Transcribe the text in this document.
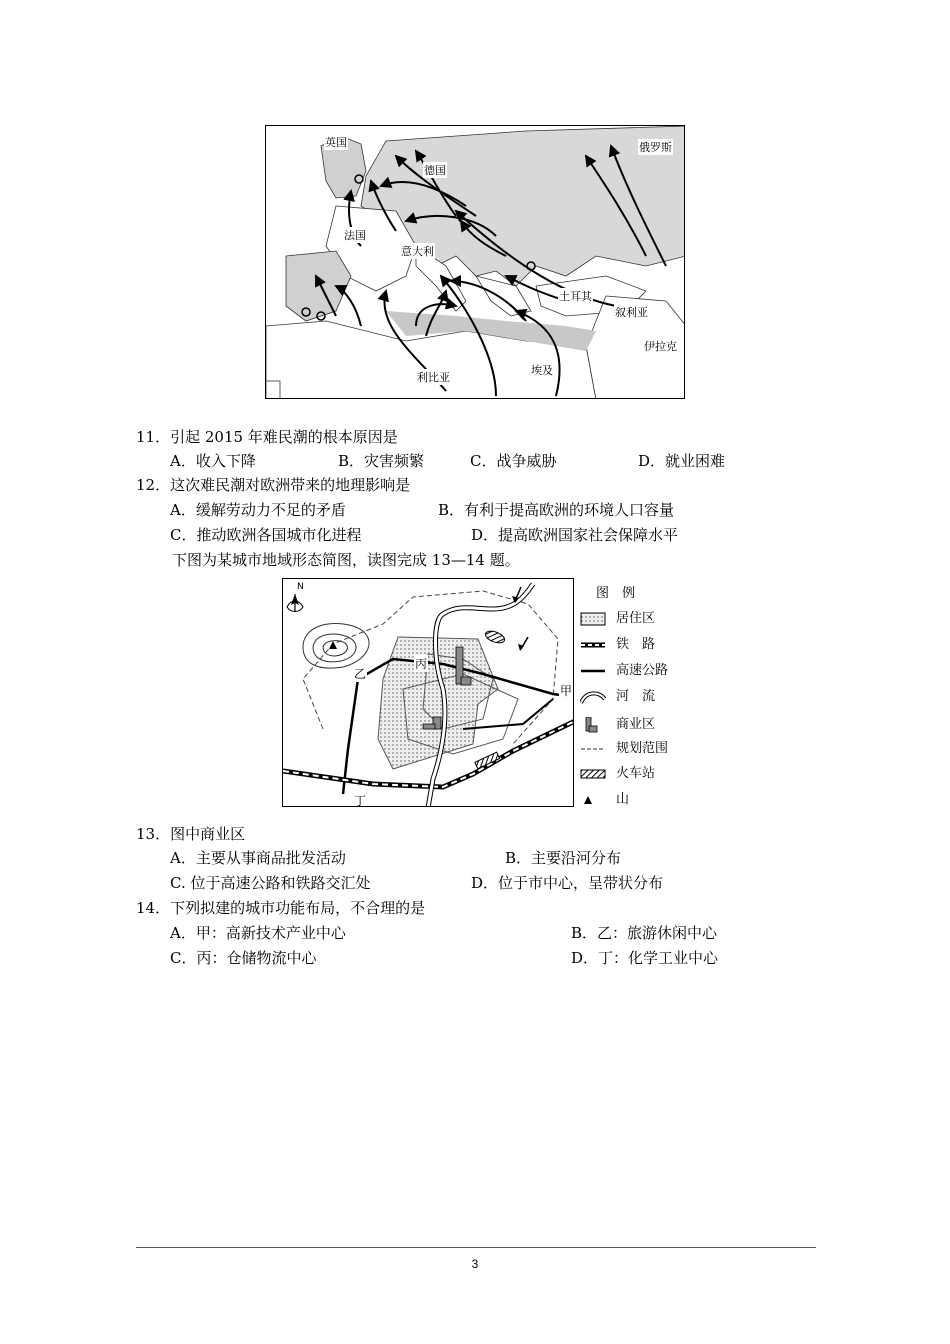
英国
德国
俄罗斯
法国
意大利
土耳其
叙利亚
伊拉克
利比亚
埃及
11．引起 2015 年难民潮的根本原因是
A．收入下降	B．灾害频繁	C．战争威胁	D．就业困难
12．这次难民潮对欧洲带来的地理影响是
A．缓解劳动力不足的矛盾	B．有利于提高欧洲的环境人口容量
C．推动欧洲各国城市化进程	D．提高欧洲国家社会保障水平
下图为某城市地域形态简图，读图完成 13—14 题。
N
乙
丙
甲
丁
图　例
居住区
铁　路
高速公路
河　流
商业区
规划范围
火车站
山
13．图中商业区
A．主要从事商品批发活动	B．主要沿河分布
C. 位于高速公路和铁路交汇处	D．位于市中心，呈带状分布
14．下列拟建的城市功能布局，不合理的是
A．甲：高新技术产业中心	B．乙：旅游休闲中心
C．丙：仓储物流中心	D．丁：化学工业中心
3
